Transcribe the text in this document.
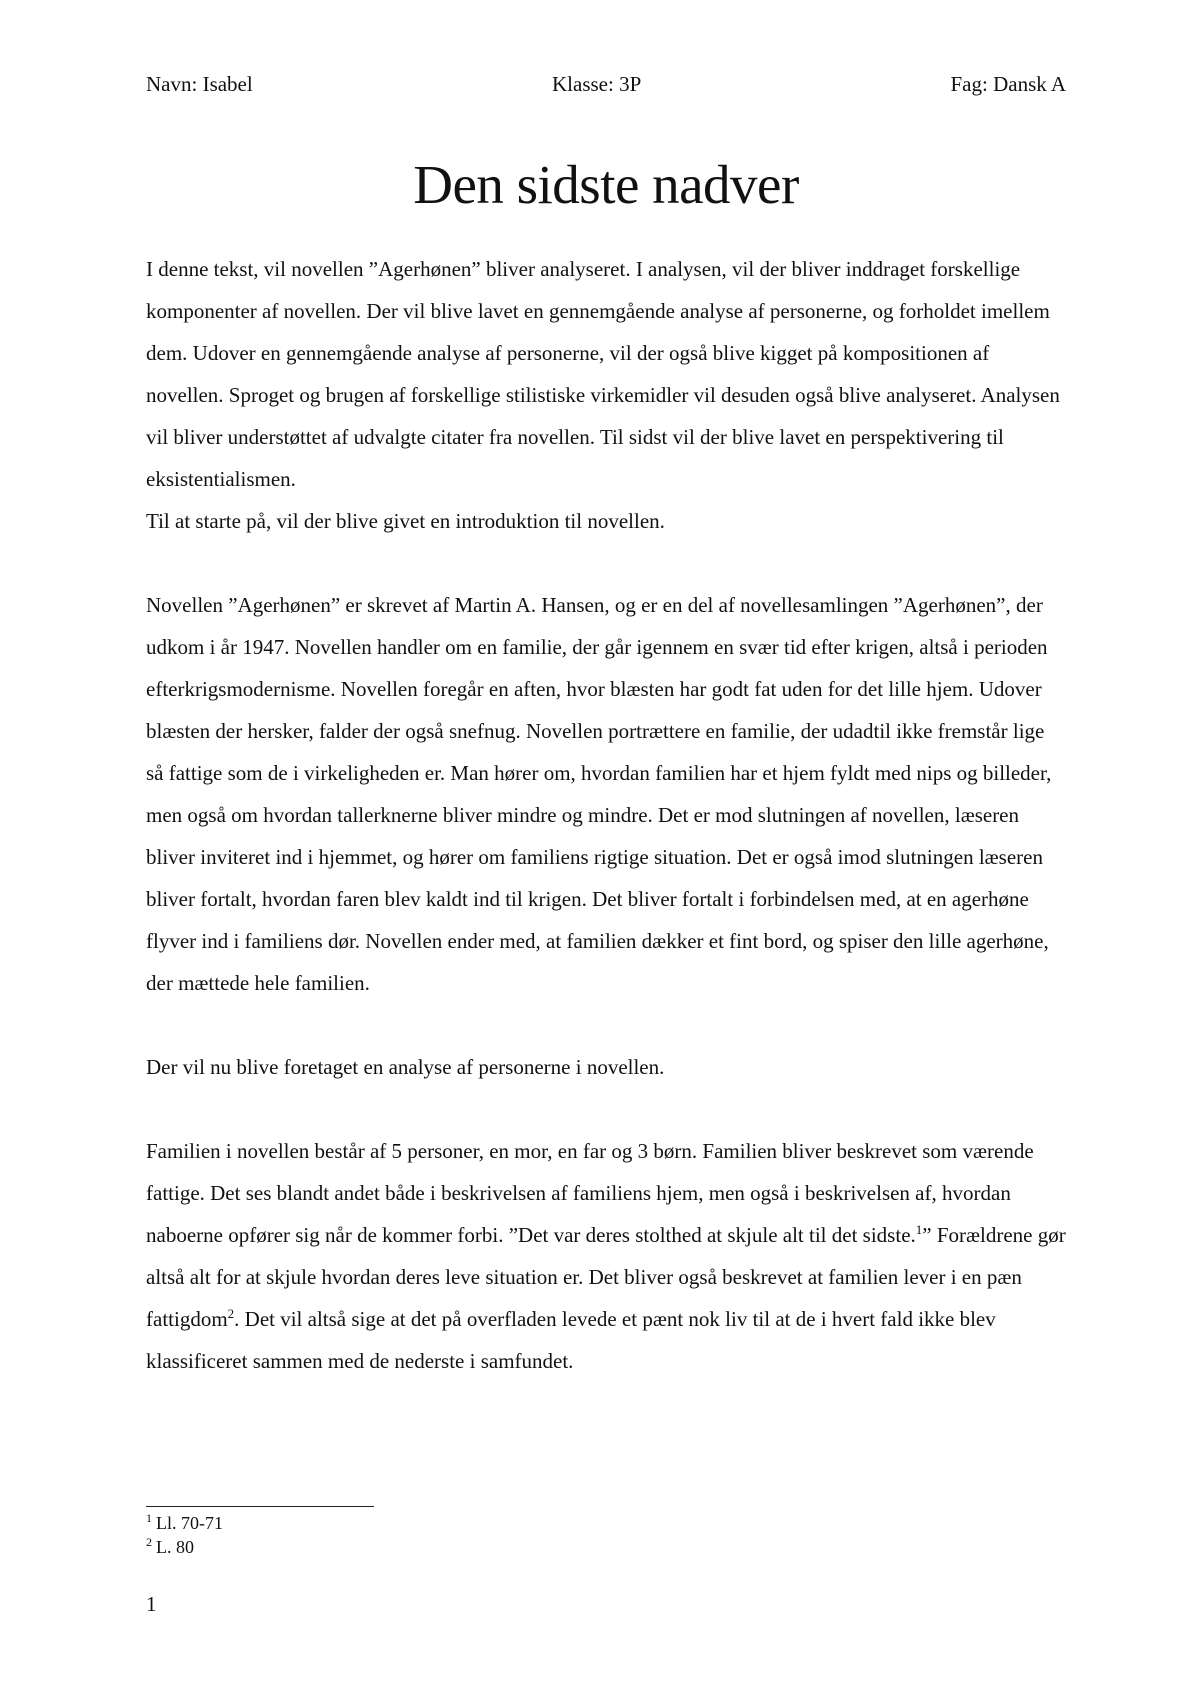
Navn: Isabel	Klasse: 3P	Fag: Dansk A
Den sidste nadver

I denne tekst, vil novellen ”Agerhønen” bliver analyseret. I analysen, vil der bliver inddraget forskellige komponenter af novellen. Der vil blive lavet en gennemgående analyse af personerne, og forholdet imellem dem. Udover en gennemgående analyse af personerne, vil der også blive kigget på kompositionen af novellen. Sproget og brugen af forskellige stilistiske virkemidler vil desuden også blive analyseret. Analysen vil bliver understøttet af udvalgte citater fra novellen. Til sidst vil der blive lavet en perspektivering til eksistentialismen.

Til at starte på, vil der blive givet en introduktion til novellen.

Novellen ”Agerhønen” er skrevet af Martin A. Hansen, og er en del af novellesamlingen ”Agerhønen”, der udkom i år 1947. Novellen handler om en familie, der går igennem en svær tid efter krigen, altså i perioden efterkrigsmodernisme. Novellen foregår en aften, hvor blæsten har godt fat uden for det lille hjem. Udover blæsten der hersker, falder der også snefnug. Novellen portrættere en familie, der udadtil ikke fremstår lige så fattige som de i virkeligheden er. Man hører om, hvordan familien har et hjem fyldt med nips og billeder, men også om hvordan tallerknerne bliver mindre og mindre. Det er mod slutningen af novellen, læseren bliver inviteret ind i hjemmet, og hører om familiens rigtige situation. Det er også imod slutningen læseren bliver fortalt, hvordan faren blev kaldt ind til krigen. Det bliver fortalt i forbindelsen med, at en agerhøne flyver ind i familiens dør. Novellen ender med, at familien dækker et fint bord, og spiser den lille agerhøne, der mættede hele familien.

Der vil nu blive foretaget en analyse af personerne i novellen.

Familien i novellen består af 5 personer, en mor, en far og 3 børn. Familien bliver beskrevet som værende fattige. Det ses blandt andet både i beskrivelsen af familiens hjem, men også i beskrivelsen af, hvordan naboerne opfører sig når de kommer forbi. ”Det var deres stolthed at skjule alt til det sidste.$^1$” Forældrene gør altså alt for at skjule hvordan deres leve situation er. Det bliver også beskrevet at familien lever i en pæn fattigdom$^2$. Det vil altså sige at det på overfladen levede et pænt nok liv til at de i hvert fald ikke blev klassificeret sammen med de nederste i samfundet.

$^1$ Ll. 70-71
$^2$ L. 80
1
